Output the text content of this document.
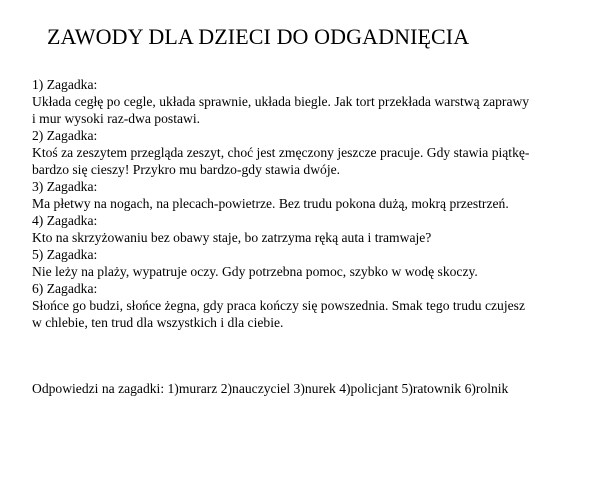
ZAWODY DLA DZIECI DO ODGADNIĘCIA
1) Zagadka:
Układa cegłę po cegle, układa sprawnie, układa biegle. Jak tort przekłada warstwą zaprawy
i mur wysoki raz-dwa postawi.
2) Zagadka:
Ktoś za zeszytem przegląda zeszyt, choć jest zmęczony jeszcze pracuje. Gdy stawia piątkę-
bardzo się cieszy! Przykro mu bardzo-gdy stawia dwóje.
3) Zagadka:
Ma płetwy na nogach, na plecach-powietrze. Bez trudu pokona dużą, mokrą przestrzeń.
4) Zagadka:
Kto na skrzyżowaniu bez obawy staje, bo zatrzyma ręką auta i tramwaje?
5) Zagadka:
Nie leży na plaży, wypatruje oczy. Gdy potrzebna pomoc, szybko w wodę skoczy.
6) Zagadka:
Słońce go budzi, słońce żegna, gdy praca kończy się powszednia. Smak tego trudu czujesz
w chlebie, ten trud dla wszystkich i dla ciebie.

Odpowiedzi na zagadki: 1)murarz 2)nauczyciel 3)nurek 4)policjant 5)ratownik 6)rolnik
